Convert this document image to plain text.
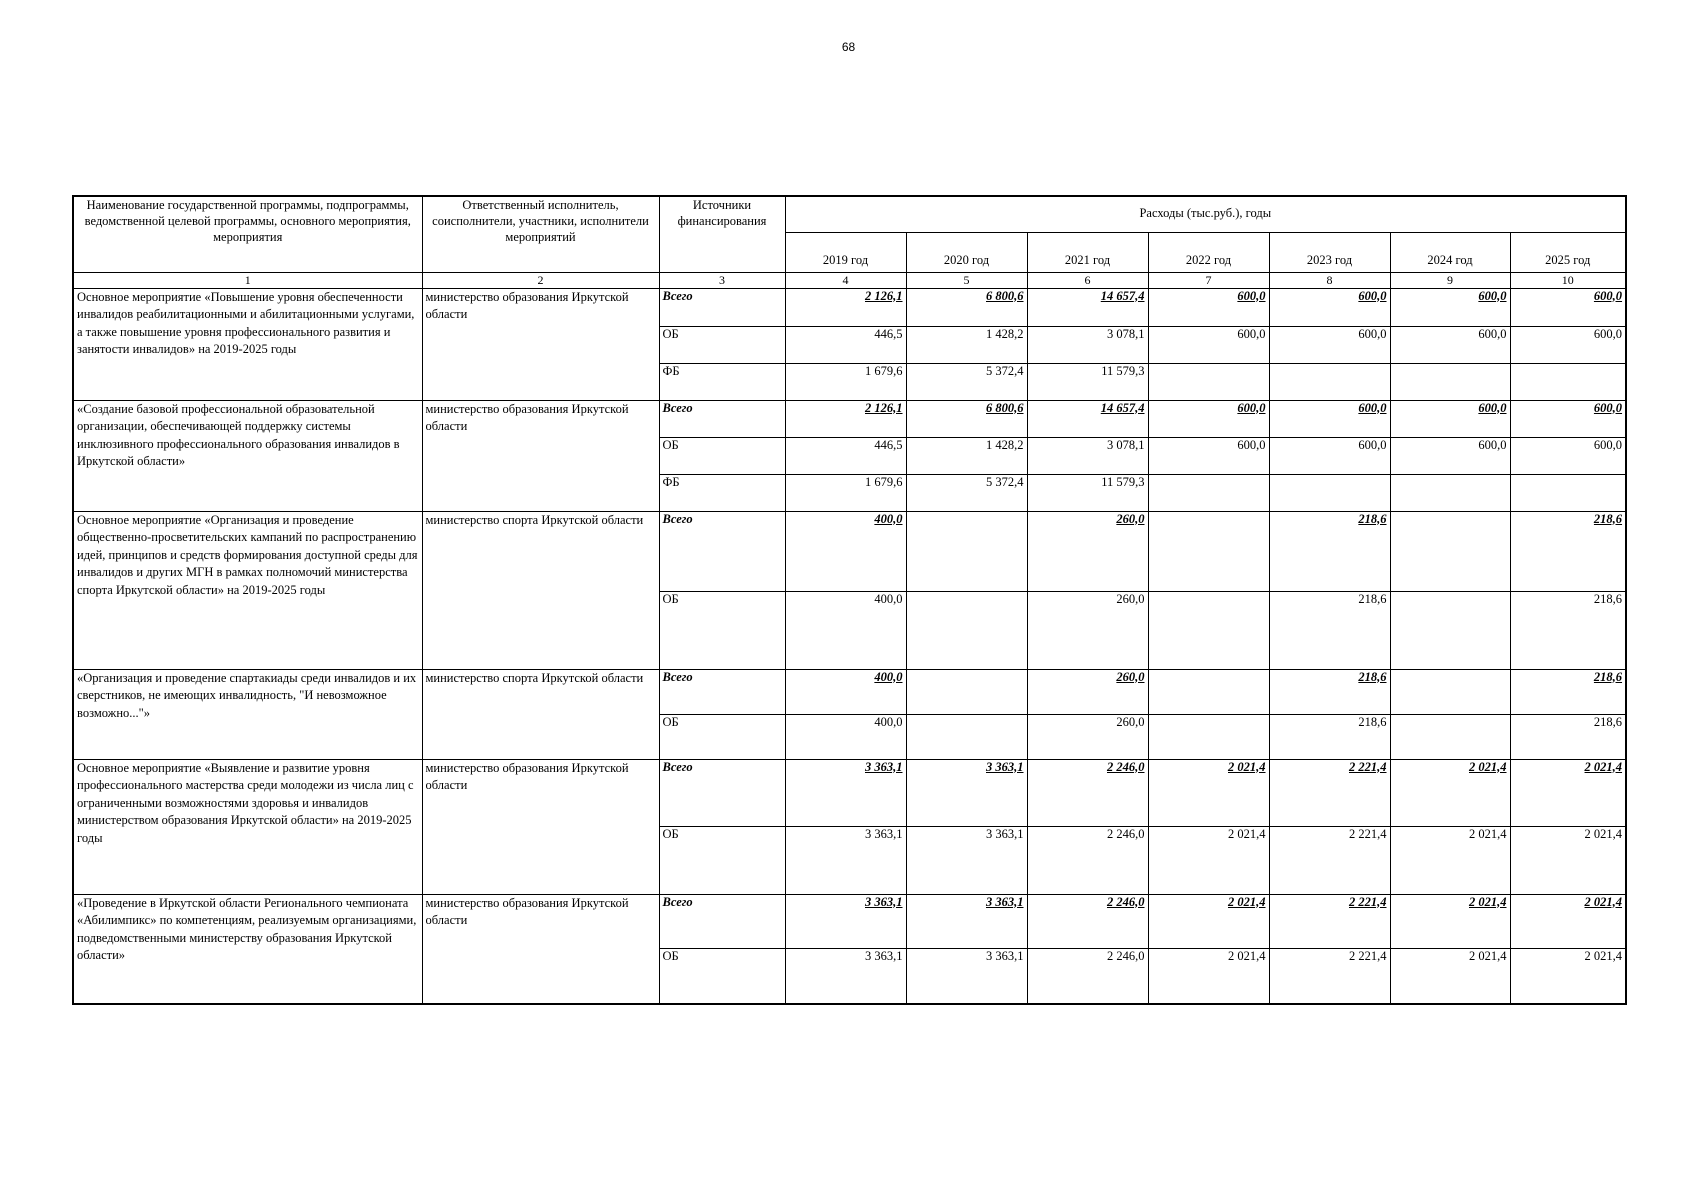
68
Наименование государственной программы, подпрограммы, ведомственной целевой программы, основного мероприятия, мероприятия	Ответственный исполнитель, соисполнители, участники, исполнители мероприятий	Источники финансирования	Расходы (тыс.руб.), годы						
			2019 год	2020 год	2021 год	2022 год	2023 год	2024 год	2025 год
1	2	3	4	5	6	7	8	9	10
Основное мероприятие «Повышение уровня обеспеченности инвалидов реабилитационными и абилитационными услугами, а также повышение уровня профессионального развития и занятости инвалидов» на 2019-2025 годы	министерство образования Иркутской области	Всего	2 126,1	6 800,6	14 657,4	600,0	600,0	600,0	600,0
		ОБ	446,5	1 428,2	3 078,1	600,0	600,0	600,0	600,0
		ФБ	1 679,6	5 372,4	11 579,3				
«Создание базовой профессиональной образовательной организации, обеспечивающей поддержку системы инклюзивного профессионального образования инвалидов в Иркутской области»	министерство образования Иркутской области	Всего	2 126,1	6 800,6	14 657,4	600,0	600,0	600,0	600,0
		ОБ	446,5	1 428,2	3 078,1	600,0	600,0	600,0	600,0
		ФБ	1 679,6	5 372,4	11 579,3				
Основное мероприятие «Организация и проведение общественно-просветительских кампаний по распространению идей, принципов и средств формирования доступной среды для инвалидов и других МГН в рамках полномочий министерства спорта Иркутской области» на 2019-2025 годы	министерство спорта Иркутской области	Всего	400,0		260,0		218,6		218,6
		ОБ	400,0		260,0		218,6		218,6
«Организация и проведение спартакиады среди инвалидов и их сверстников, не имеющих инвалидность, "И невозможное возможно..."»	министерство спорта Иркутской области	Всего	400,0		260,0		218,6		218,6
		ОБ	400,0		260,0		218,6		218,6
Основное мероприятие «Выявление и развитие уровня профессионального мастерства среди молодежи из числа лиц с ограниченными возможностями здоровья и инвалидов министерством образования Иркутской области» на 2019-2025 годы	министерство образования Иркутской области	Всего	3 363,1	3 363,1	2 246,0	2 021,4	2 221,4	2 021,4	2 021,4
		ОБ	3 363,1	3 363,1	2 246,0	2 021,4	2 221,4	2 021,4	2 021,4
«Проведение в Иркутской области Регионального чемпионата «Абилимпикс» по компетенциям, реализуемым организациями, подведомственными министерству образования Иркутской области»	министерство образования Иркутской области	Всего	3 363,1	3 363,1	2 246,0	2 021,4	2 221,4	2 021,4	2 021,4
		ОБ	3 363,1	3 363,1	2 246,0	2 021,4	2 221,4	2 021,4	2 021,4
